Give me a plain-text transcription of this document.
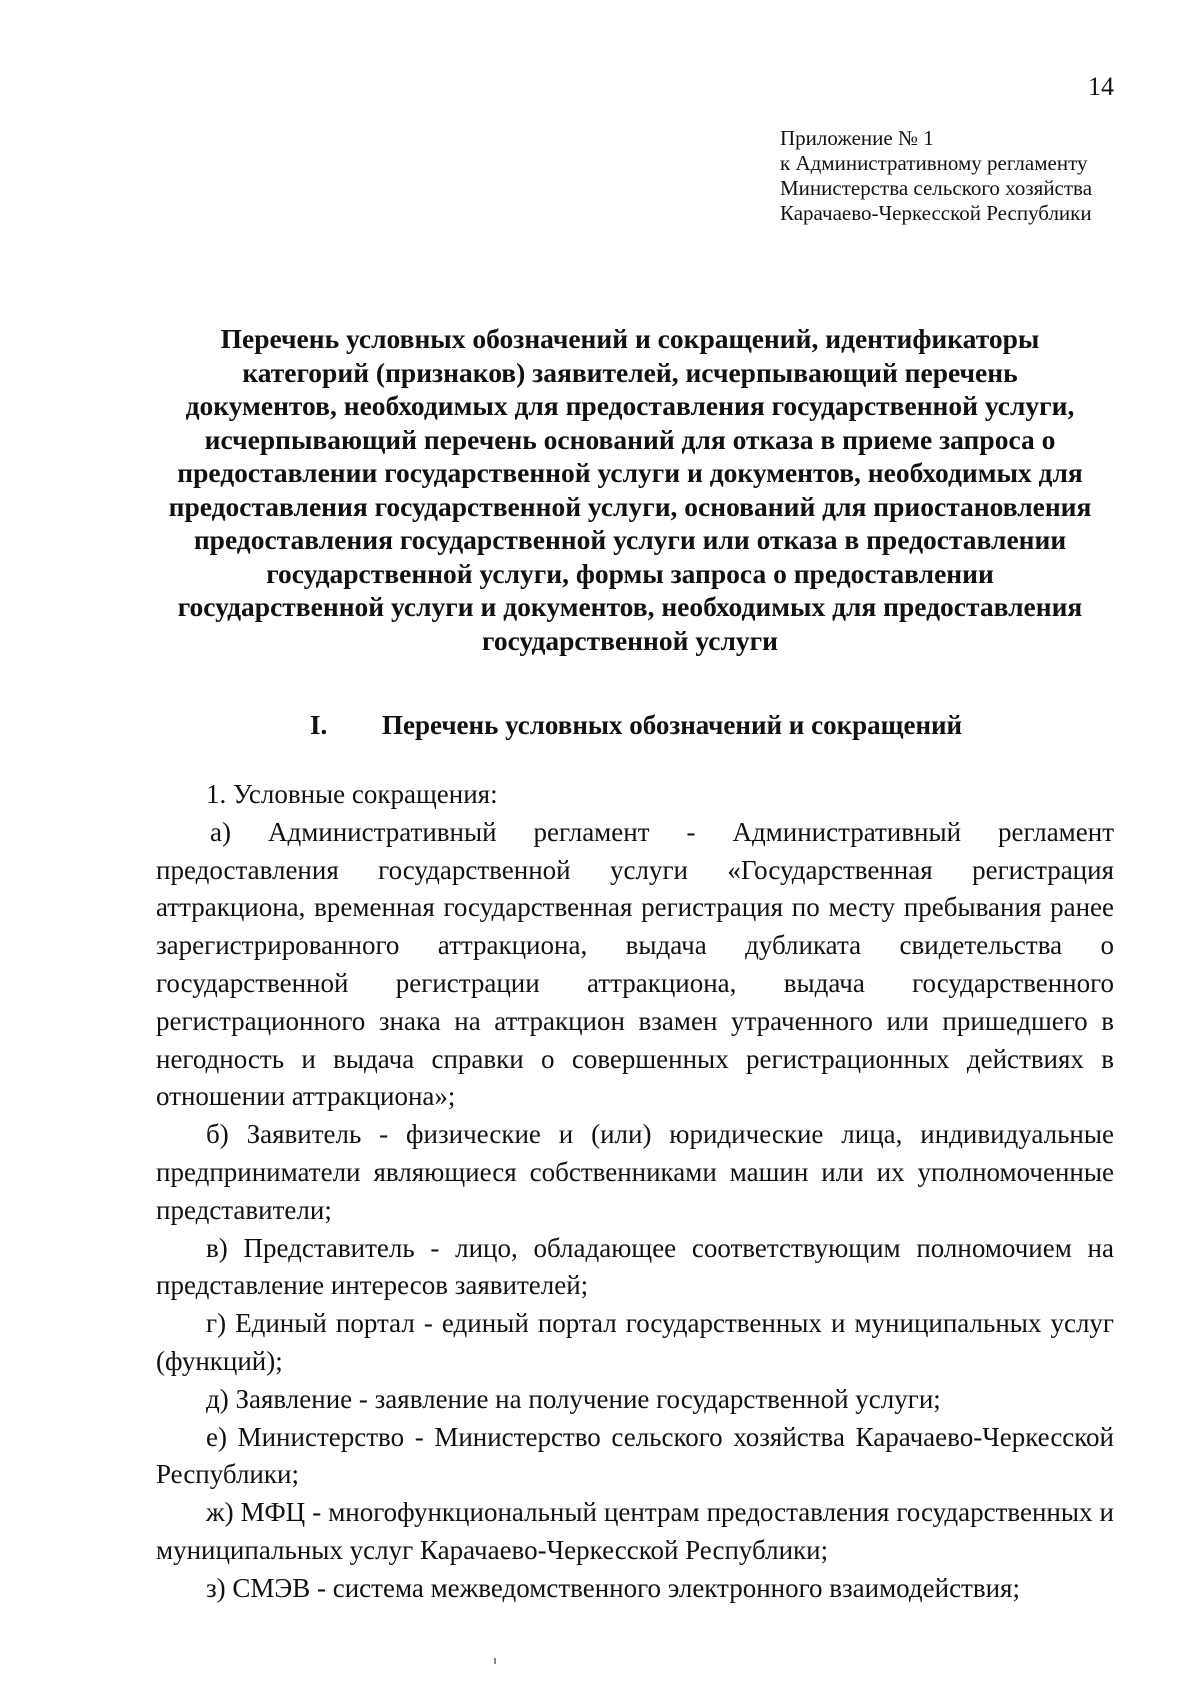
14
Приложение № 1
к Административному регламенту
Министерства сельского хозяйства
Карачаево-Черкесской Республики
Перечень условных обозначений и сокращений, идентификаторы
категорий (признаков) заявителей, исчерпывающий перечень
документов, необходимых для предоставления государственной услуги,
исчерпывающий перечень оснований для отказа в приеме запроса о
предоставлении государственной услуги и документов, необходимых для
предоставления государственной услуги, оснований для приостановления
предоставления государственной услуги или отказа в предоставлении
государственной услуги, формы запроса о предоставлении
государственной услуги и документов, необходимых для предоставления
государственной услуги
I. Перечень условных обозначений и сокращений

1. Условные сокращения:

а) Административный регламент - Административный регламент предоставления государственной услуги «Государственная регистрация аттракциона, временная государственная регистрация по месту пребывания ранее зарегистрированного аттракциона, выдача дубликата свидетельства о государственной регистрации аттракциона, выдача государственного регистрационного знака на аттракцион взамен утраченного или пришедшего в негодность и выдача справки о совершенных регистрационных действиях в отношении аттракциона»;

б) Заявитель - физические и (или) юридические лица, индивидуальные предприниматели являющиеся собственниками машин или их уполномоченные представители;

в) Представитель - лицо, обладающее соответствующим полномочием на представление интересов заявителей;

г) Единый портал - единый портал государственных и муниципальных услуг (функций);

д) Заявление - заявление на получение государственной услуги;

е) Министерство - Министерство сельского хозяйства Карачаево-Черкесской Республики;

ж) МФЦ - многофункциональный центрам предоставления государственных и муниципальных услуг Карачаево-Черкесской Республики;

з) СМЭВ - система межведомственного электронного взаимодействия;
